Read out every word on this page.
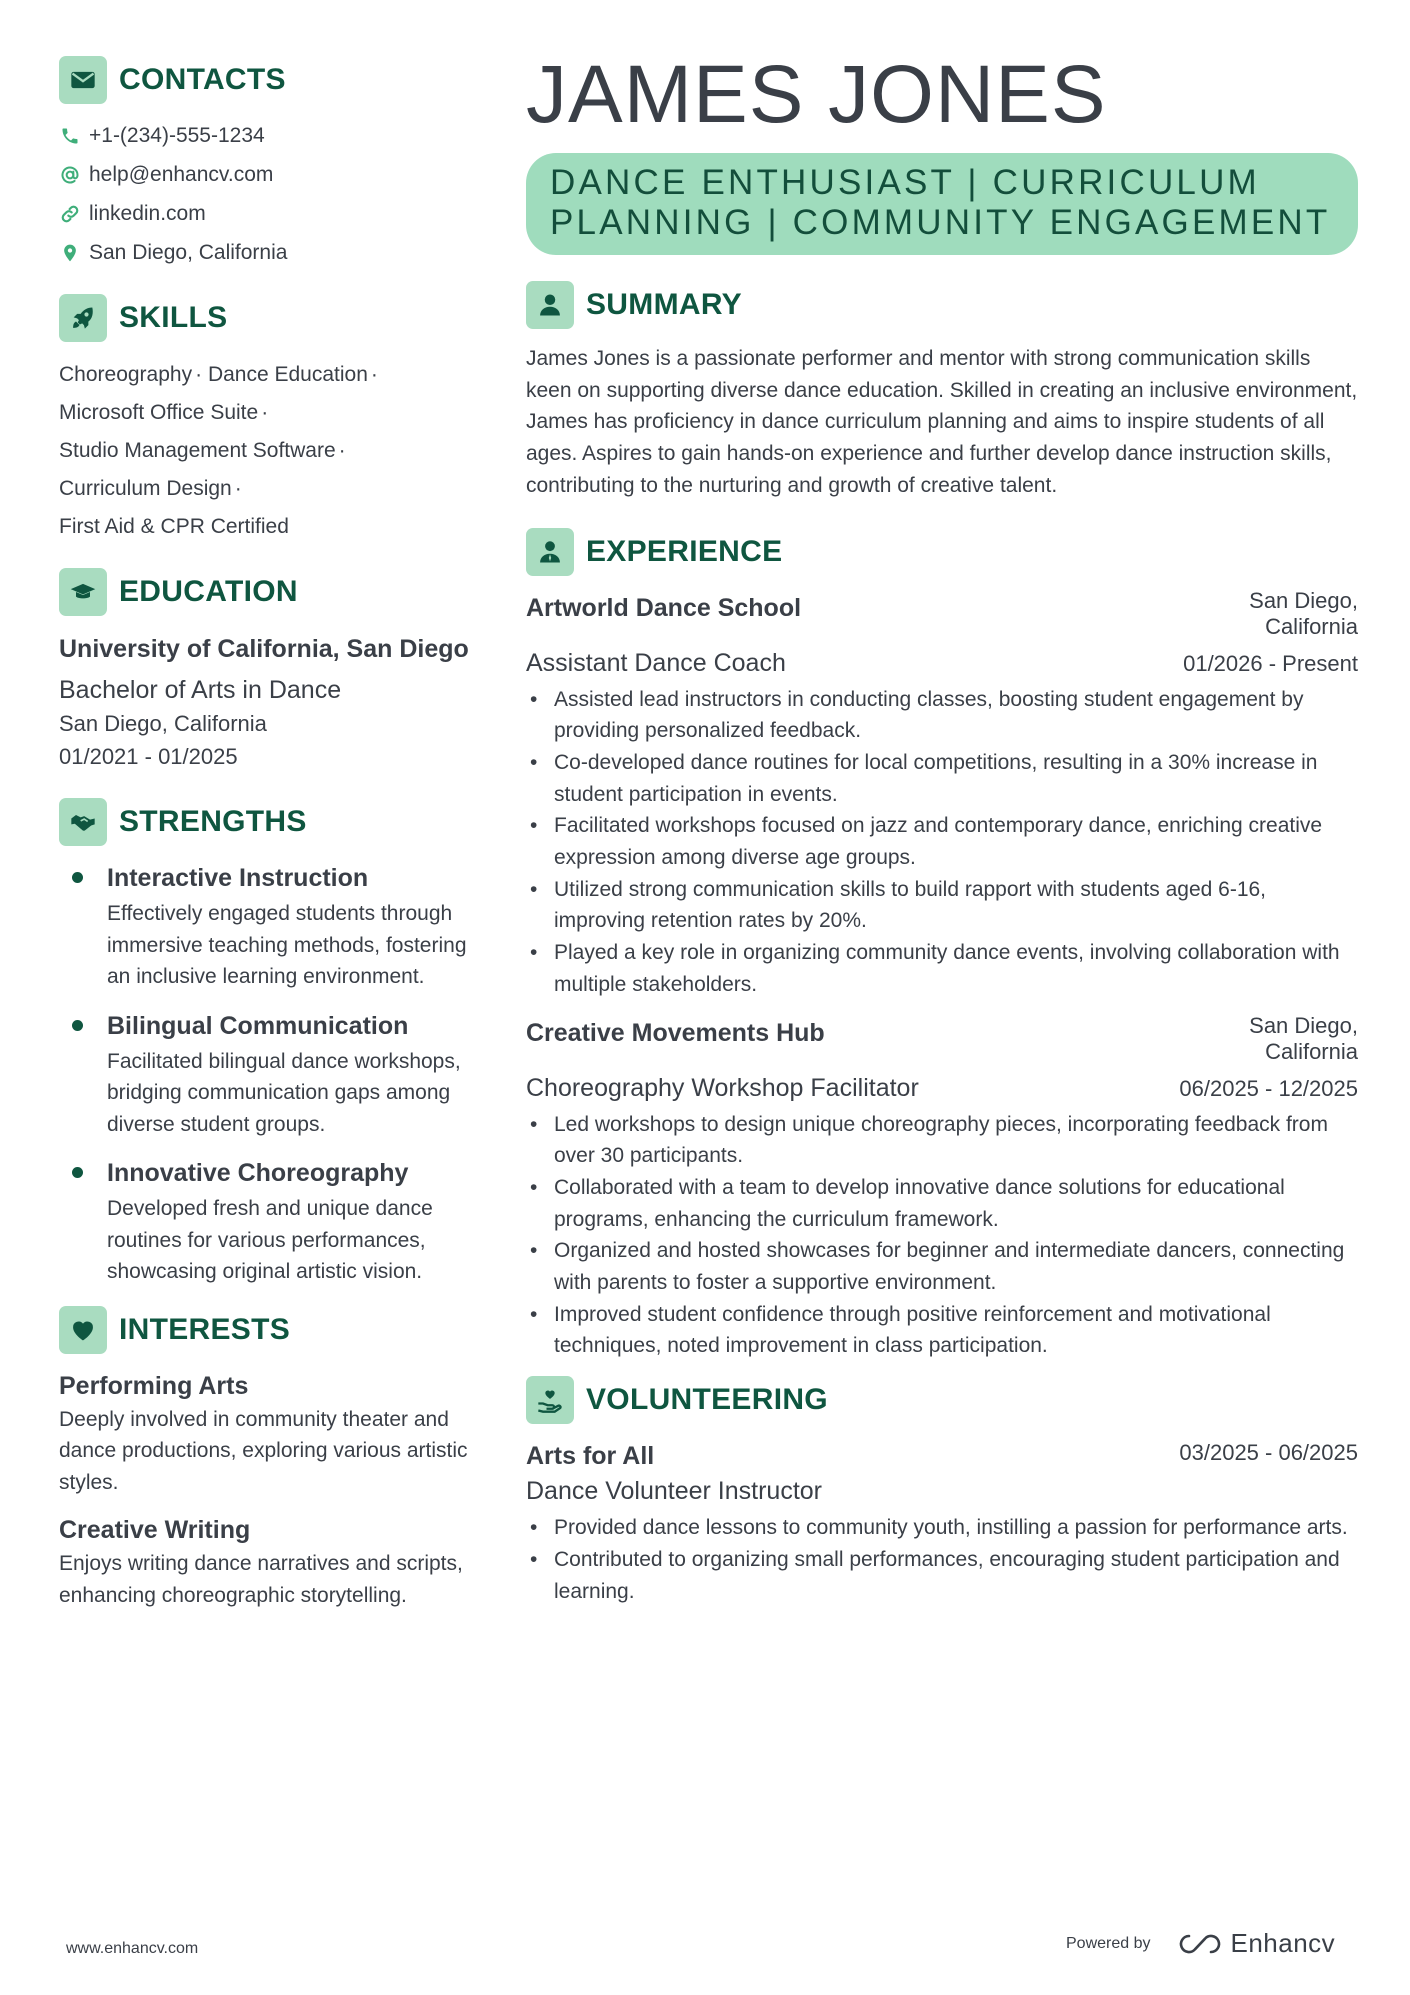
CONTACTS
+1-(234)-555-1234
help@enhancv.com
linkedin.com
San Diego, California
SKILLS
Choreography · Dance Education ·
Microsoft Office Suite ·
Studio Management Software ·
Curriculum Design ·
First Aid & CPR Certified
EDUCATION
University of California, San Diego
Bachelor of Arts in Dance
San Diego, California
01/2021 - 01/2025
STRENGTHS
Interactive Instruction
Effectively engaged students through immersive teaching methods, fostering an inclusive learning environment.
Bilingual Communication
Facilitated bilingual dance workshops, bridging communication gaps among diverse student groups.
Innovative Choreography
Developed fresh and unique dance routines for various performances, showcasing original artistic vision.
INTERESTS
Performing Arts
Deeply involved in community theater and dance productions, exploring various artistic styles.
Creative Writing
Enjoys writing dance narratives and scripts, enhancing choreographic storytelling.
JAMES JONES
DANCE ENTHUSIAST | CURRICULUM PLANNING | COMMUNITY ENGAGEMENT
SUMMARY
James Jones is a passionate performer and mentor with strong communication skills keen on supporting diverse dance education. Skilled in creating an inclusive environment, James has proficiency in dance curriculum planning and aims to inspire students of all ages. Aspires to gain hands-on experience and further develop dance instruction skills, contributing to the nurturing and growth of creative talent.
EXPERIENCE
Artworld Dance School	San Diego, California
Assistant Dance Coach	01/2026 - Present
• Assisted lead instructors in conducting classes, boosting student engagement by providing personalized feedback.
• Co-developed dance routines for local competitions, resulting in a 30% increase in student participation in events.
• Facilitated workshops focused on jazz and contemporary dance, enriching creative expression among diverse age groups.
• Utilized strong communication skills to build rapport with students aged 6-16, improving retention rates by 20%.
• Played a key role in organizing community dance events, involving collaboration with multiple stakeholders.
Creative Movements Hub	San Diego, California
Choreography Workshop Facilitator	06/2025 - 12/2025
• Led workshops to design unique choreography pieces, incorporating feedback from over 30 participants.
• Collaborated with a team to develop innovative dance solutions for educational programs, enhancing the curriculum framework.
• Organized and hosted showcases for beginner and intermediate dancers, connecting with parents to foster a supportive environment.
• Improved student confidence through positive reinforcement and motivational techniques, noted improvement in class participation.
VOLUNTEERING
Arts for All	03/2025 - 06/2025
Dance Volunteer Instructor
• Provided dance lessons to community youth, instilling a passion for performance arts.
• Contributed to organizing small performances, encouraging student participation and learning.
www.enhancv.com	Powered by	Enhancv
